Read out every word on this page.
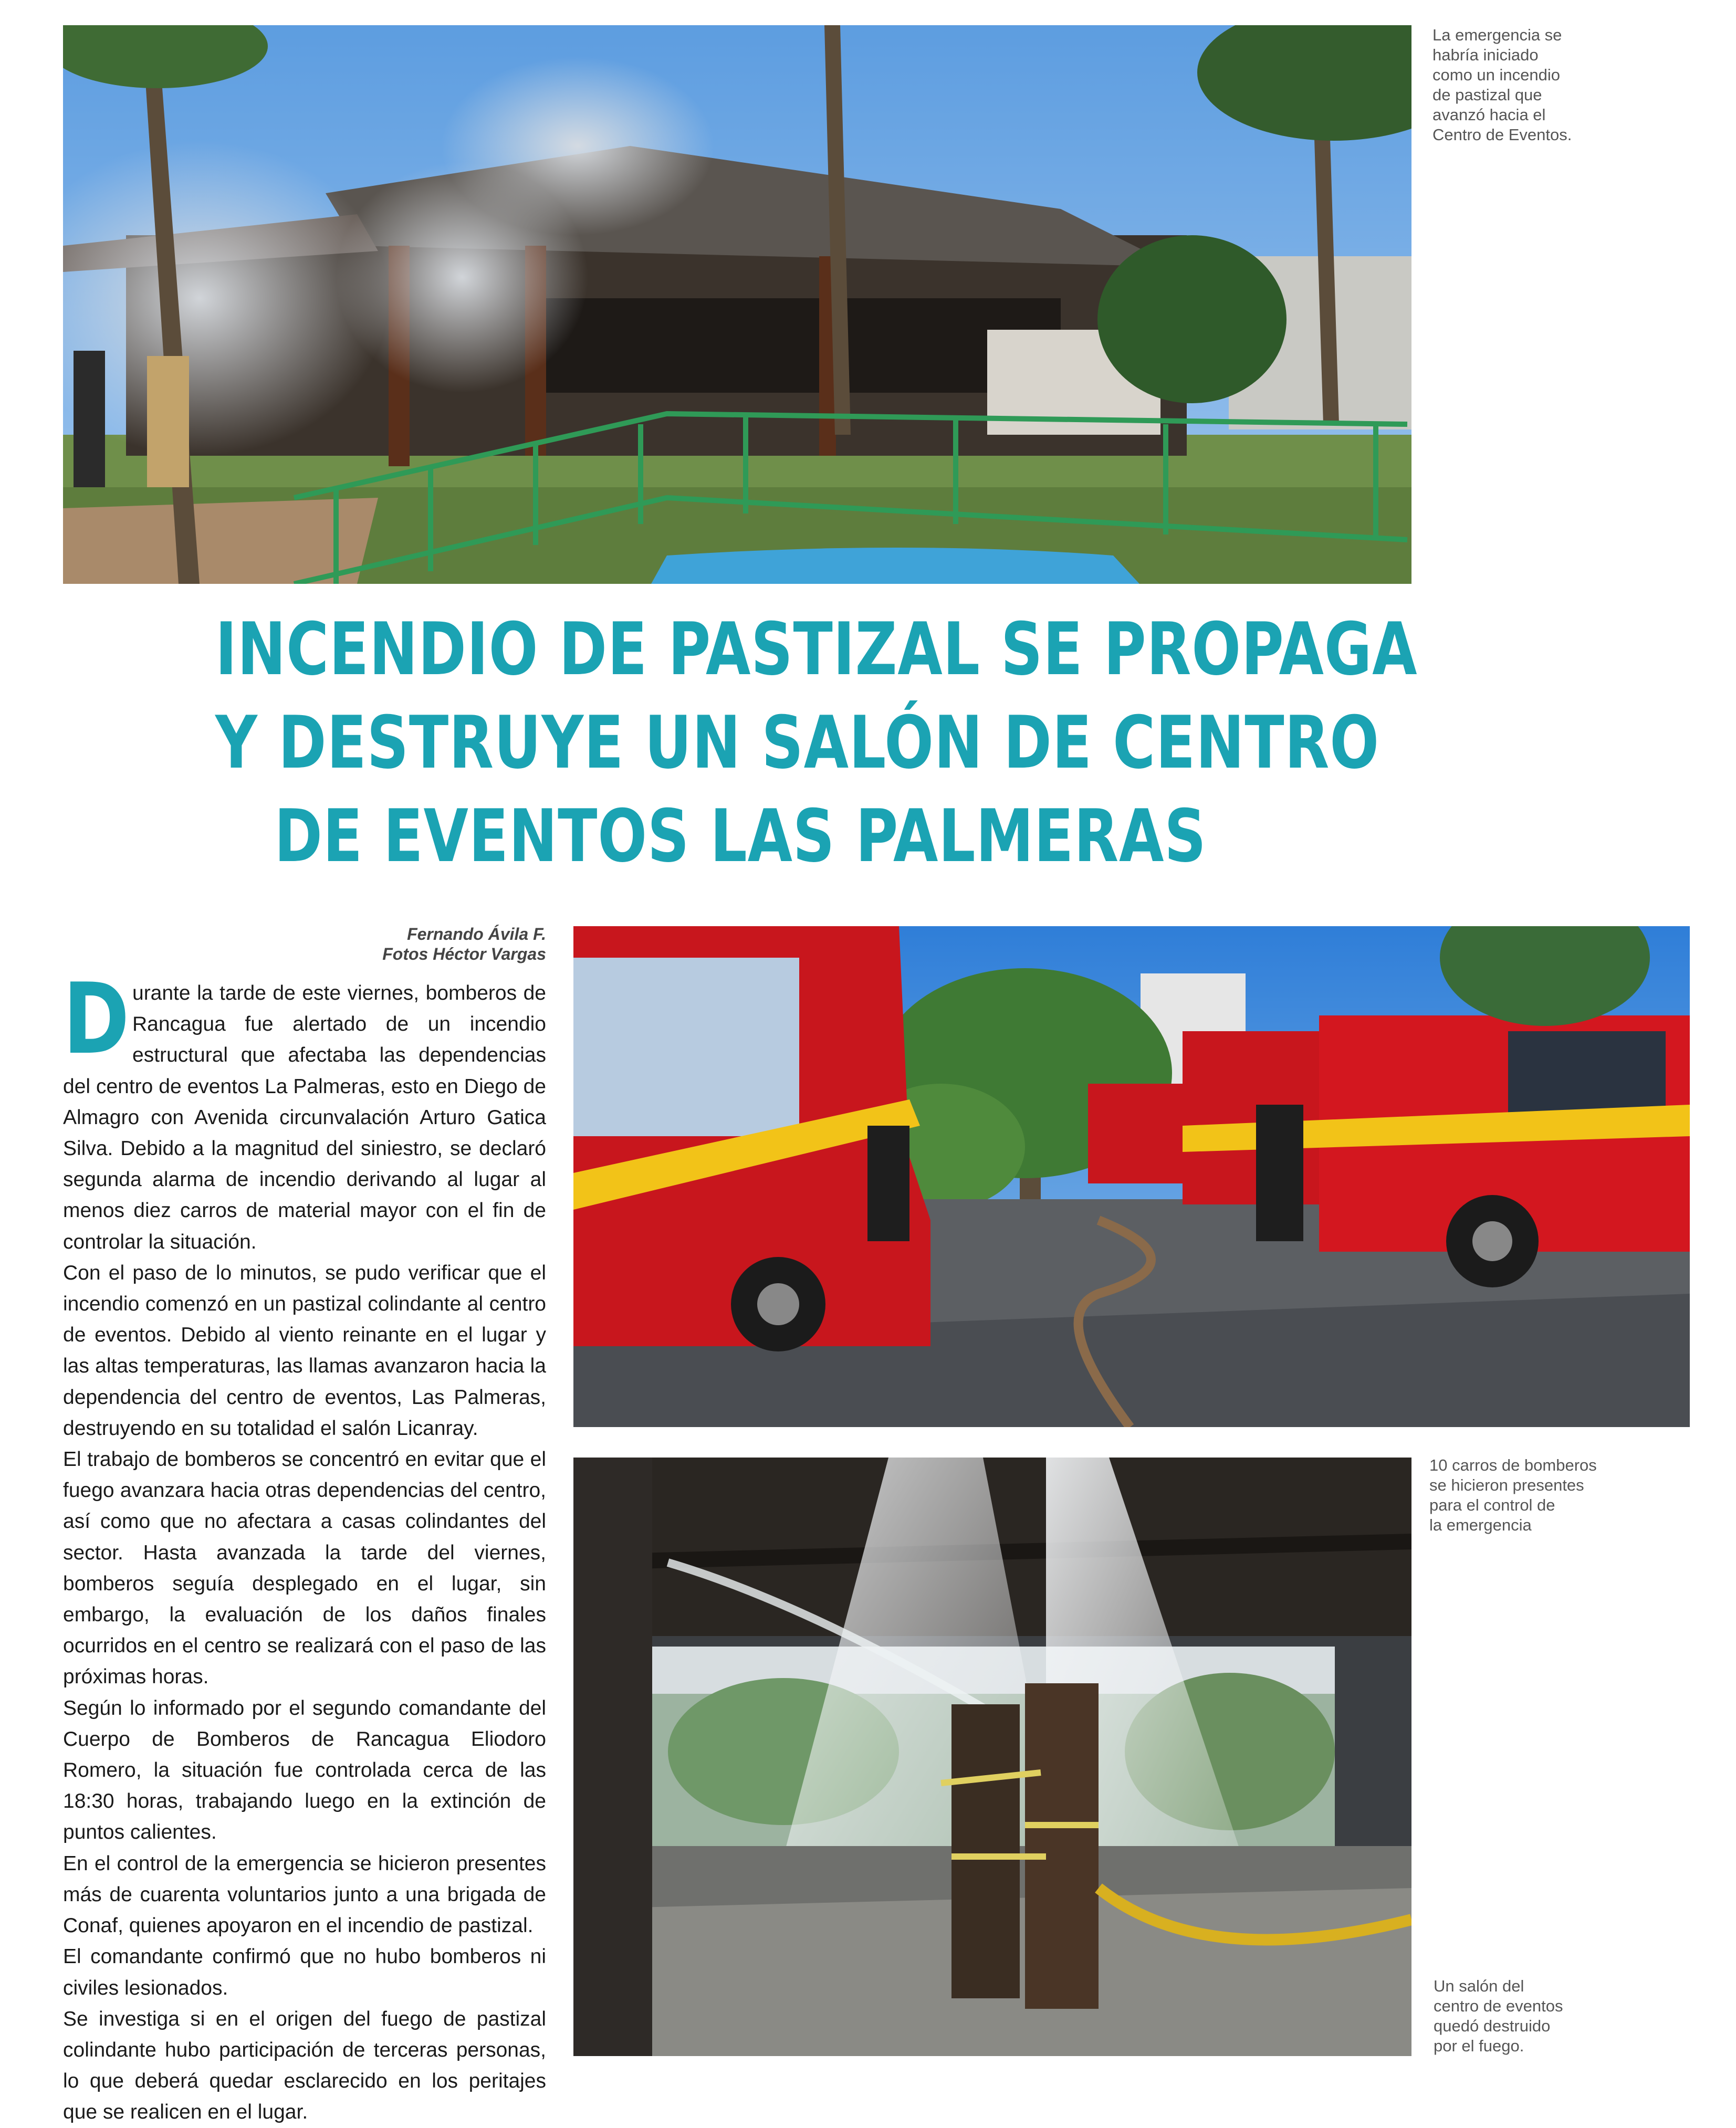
La emergencia se
habría iniciado
como un incendio
de pastizal que
avanzó hacia el
Centro de Eventos.
INCENDIO DE PASTIZAL SE PROPAGA
Y DESTRUYE UN SALÓN DE CENTRO
DE EVENTOS LAS PALMERAS
Fernando Ávila F.
Fotos Héctor Vargas
D urante la tarde de este viernes, bomberos de Rancagua fue alertado de un incendio estructural que afectaba las dependencias del centro de eventos La Palmeras, esto en Diego de Almagro con Avenida circunvalación Arturo Gatica Silva. Debido a la magnitud del siniestro, se declaró segunda alarma de incendio derivando al lugar al menos diez carros de material mayor con el fin de controlar la situación.

Con el paso de lo minutos, se pudo verificar que el incendio comenzó en un pastizal colindante al centro de eventos. Debido al viento reinante en el lugar y las altas temperaturas, las llamas avanzaron hacia la dependencia del centro de eventos, Las Palmeras, destruyendo en su totalidad el salón Licanray.

El trabajo de bomberos se concentró en evitar que el fuego avanzara hacia otras dependencias del centro, así como que no afectara a casas colindantes del sector. Hasta avanzada la tarde del viernes, bomberos seguía desplegado en el lugar, sin embargo, la evaluación de los daños finales ocurridos en el centro se realizará con el paso de las próximas horas.

Según lo informado por el segundo comandante del Cuerpo de Bomberos de Rancagua Eliodoro Romero, la situación fue controlada cerca de las 18:30 horas, trabajando luego en la extinción de puntos calientes.

En el control de la emergencia se hicieron presentes más de cuarenta voluntarios junto a una brigada de Conaf, quienes apoyaron en el incendio de pastizal.

El comandante confirmó que no hubo bomberos ni civiles lesionados.

Se investiga si en el origen del fuego de pastizal colindante hubo participación de terceras personas, lo que deberá quedar esclarecido en los peritajes que se realicen en el lugar.

10 carros de bomberos
se hicieron presentes
para el control de
la emergencia
Un salón del
centro de eventos
quedó destruido
por el fuego.
